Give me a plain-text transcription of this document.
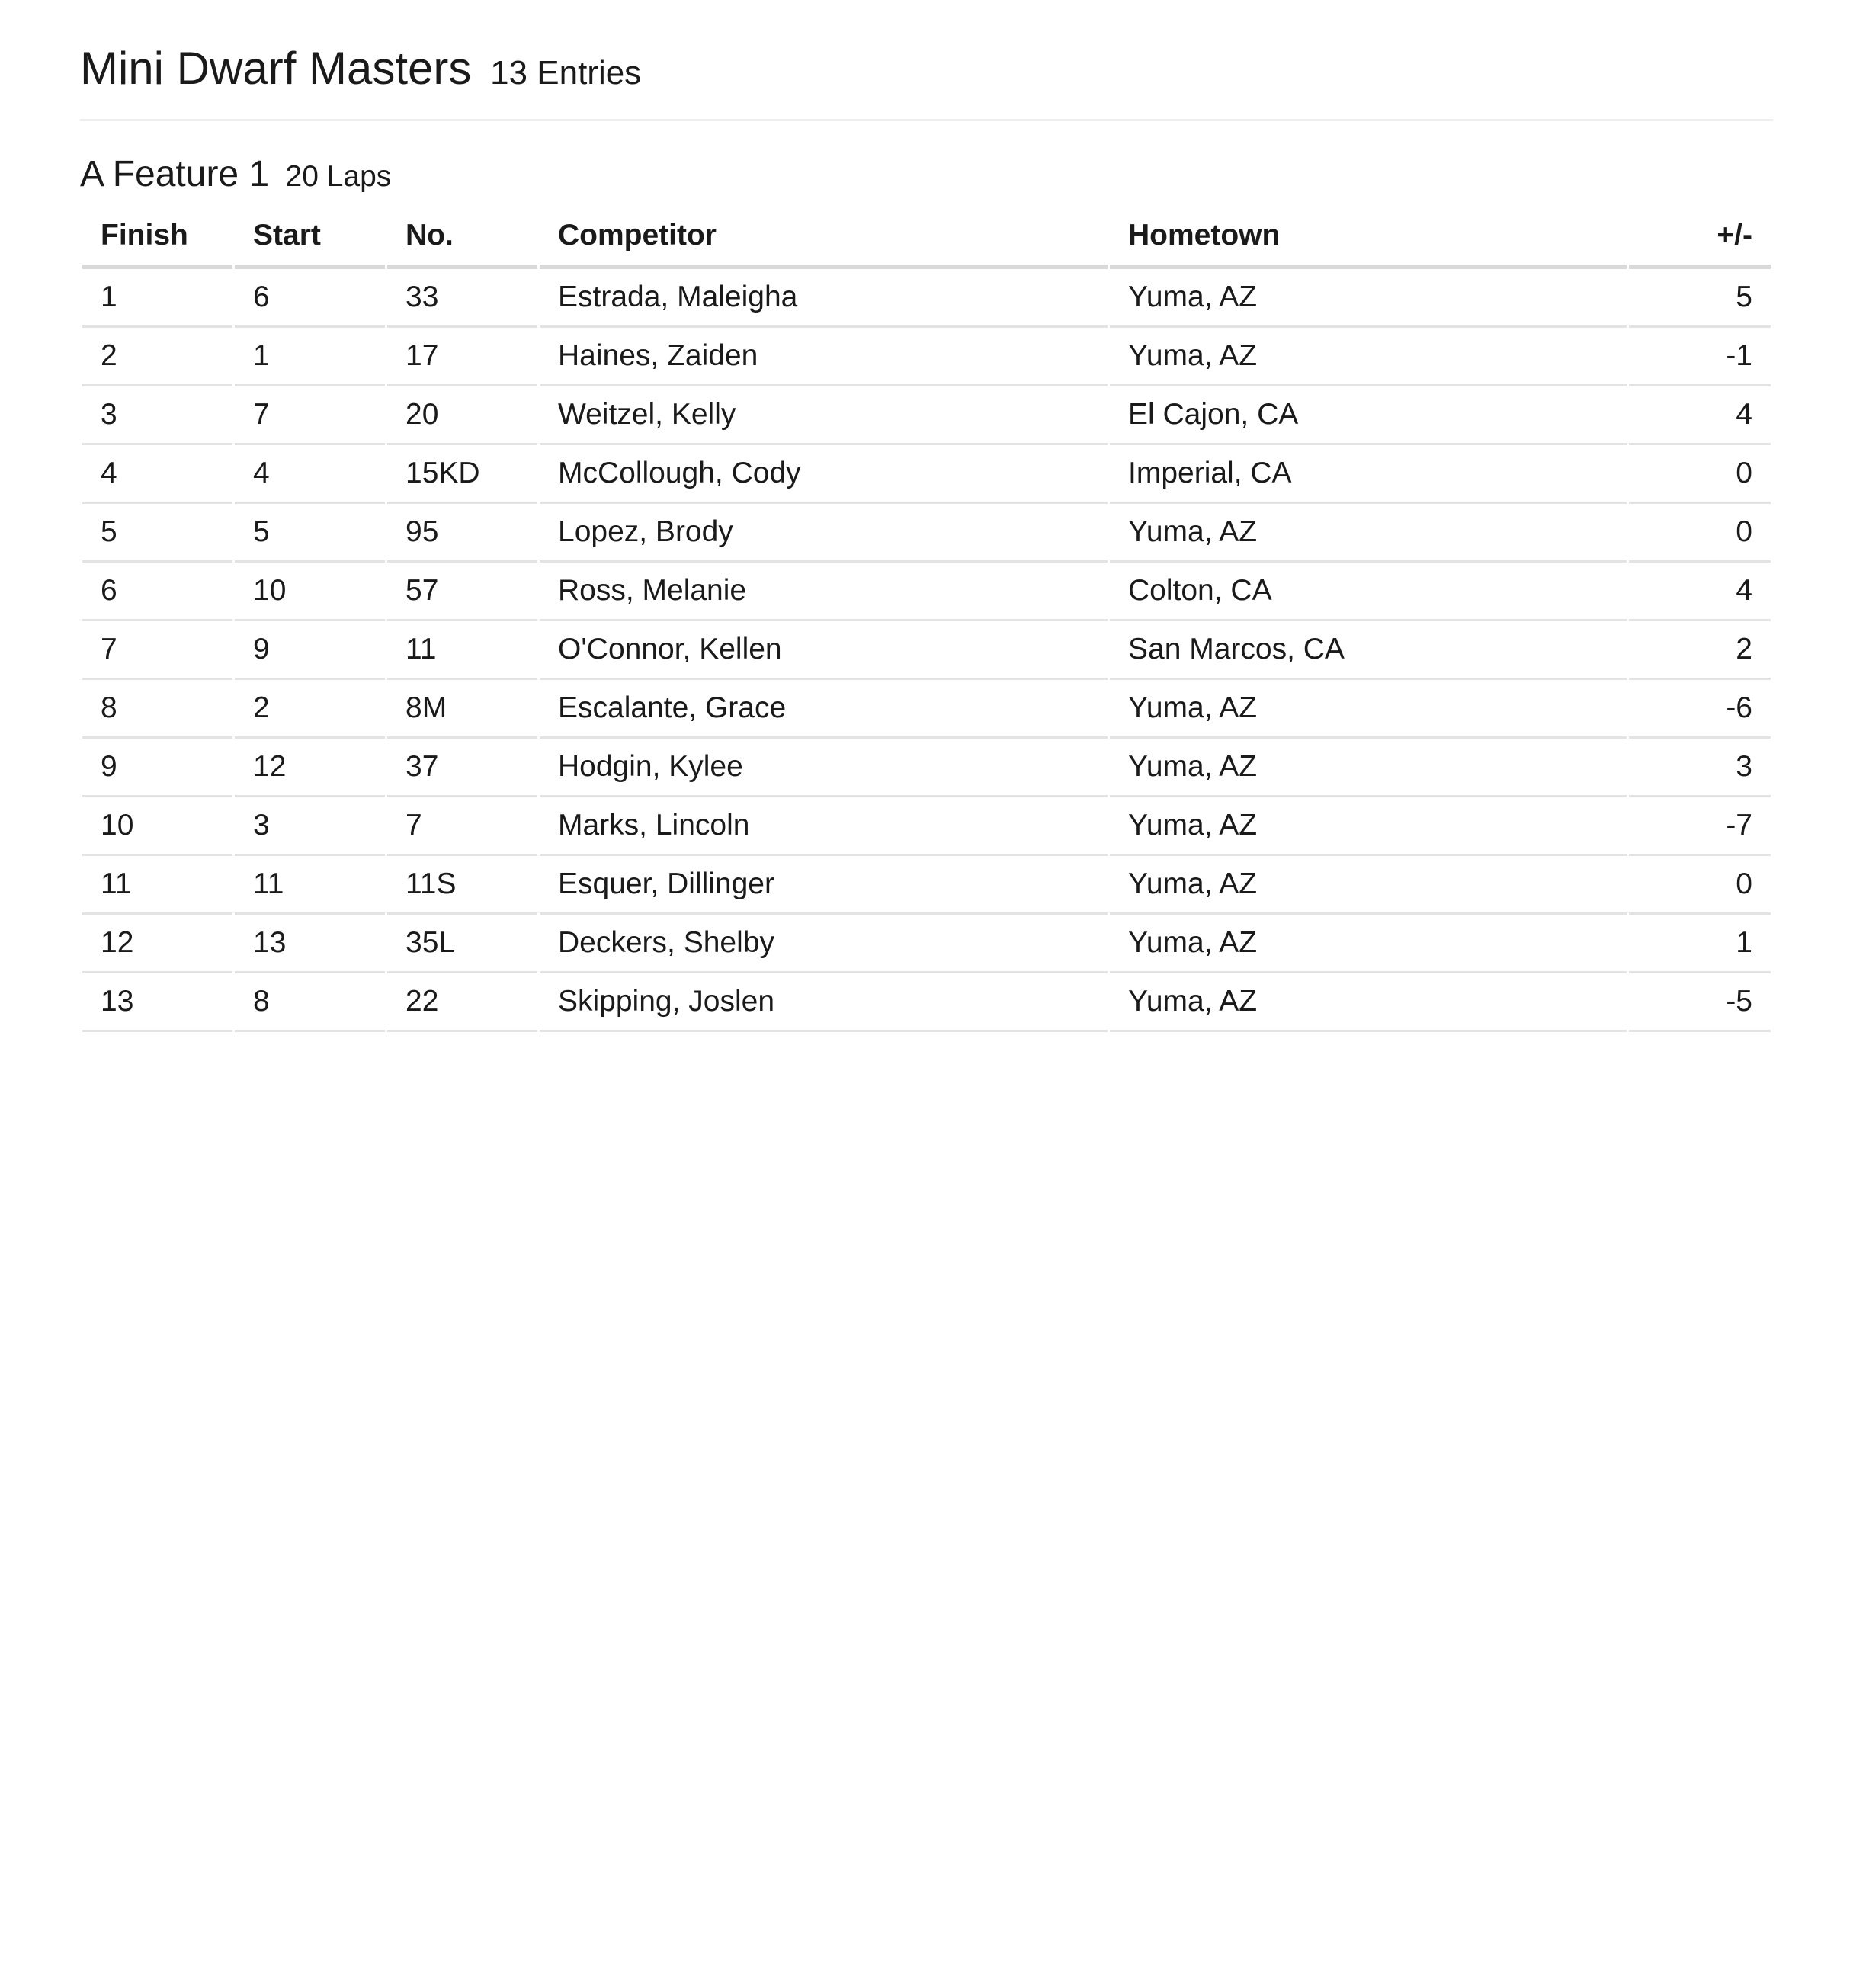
Mini Dwarf Masters 13 Entries
A Feature 1 20 Laps
Finish	Start	No.	Competitor	Hometown	+/-
1	6	33	Estrada, Maleigha	Yuma, AZ	5
2	1	17	Haines, Zaiden	Yuma, AZ	-1
3	7	20	Weitzel, Kelly	El Cajon, CA	4
4	4	15KD	McCollough, Cody	Imperial, CA	0
5	5	95	Lopez, Brody	Yuma, AZ	0
6	10	57	Ross, Melanie	Colton, CA	4
7	9	11	O'Connor, Kellen	San Marcos, CA	2
8	2	8M	Escalante, Grace	Yuma, AZ	-6
9	12	37	Hodgin, Kylee	Yuma, AZ	3
10	3	7	Marks, Lincoln	Yuma, AZ	-7
11	11	11S	Esquer, Dillinger	Yuma, AZ	0
12	13	35L	Deckers, Shelby	Yuma, AZ	1
13	8	22	Skipping, Joslen	Yuma, AZ	-5
